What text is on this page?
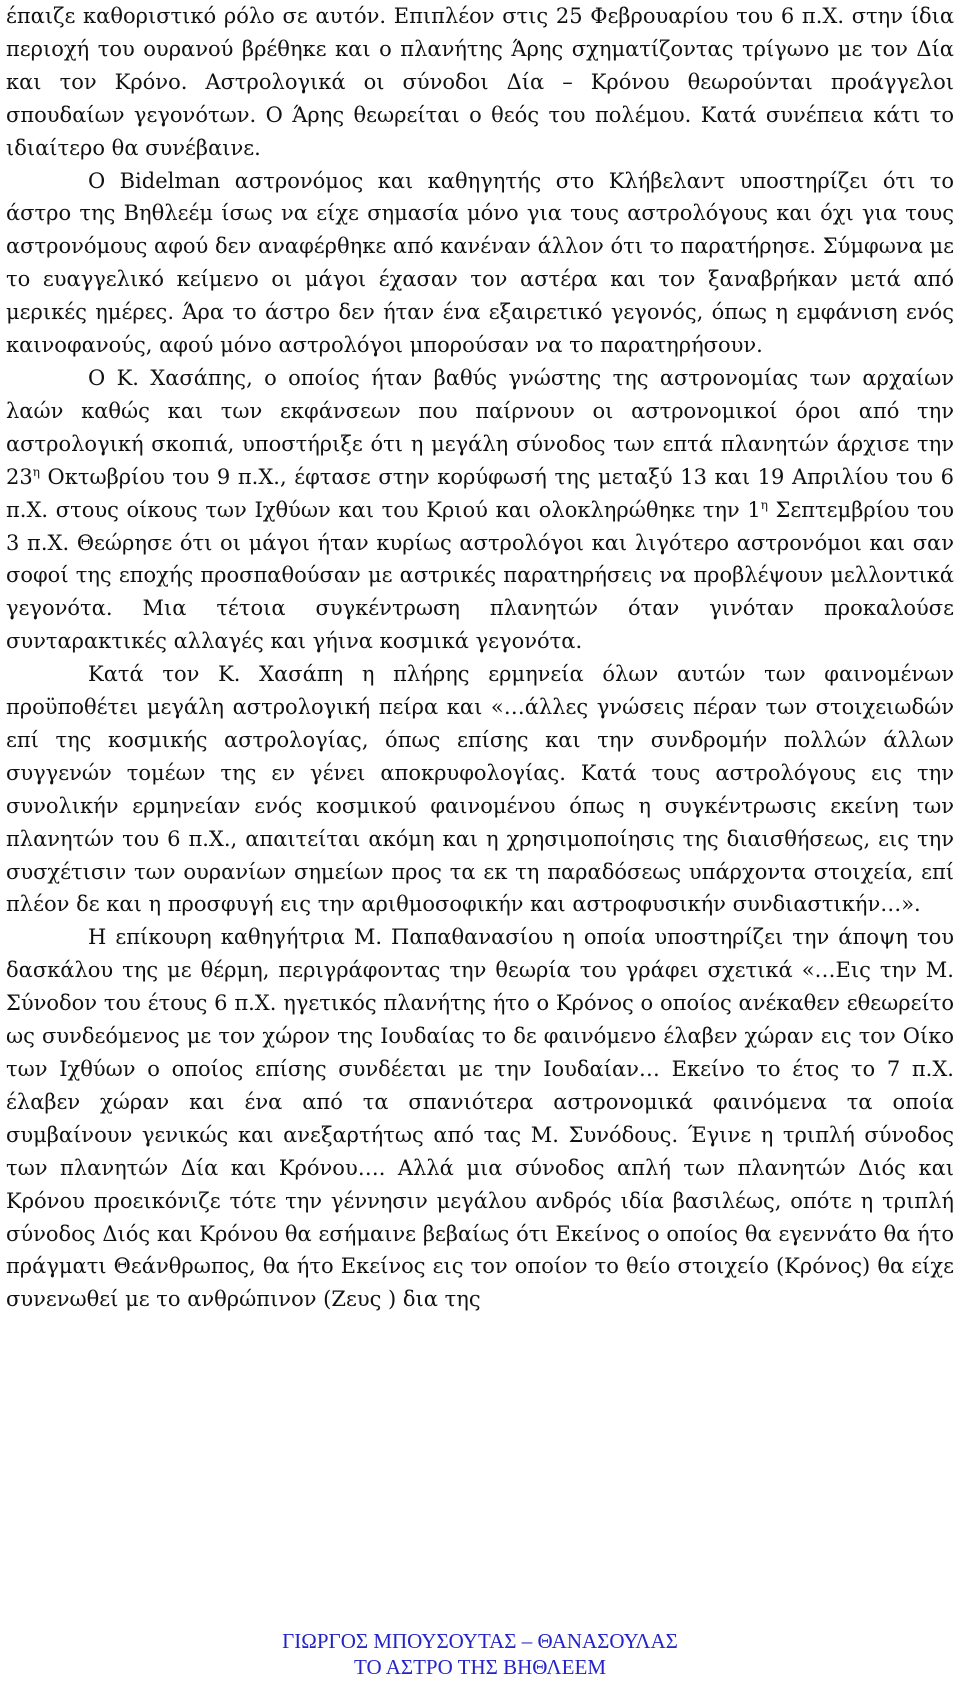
έπαιζε καθοριστικό ρόλο σε αυτόν. Επιπλέον στις 25 Φεβρουαρίου του 6 π.Χ. στην ίδια περιοχή του ουρανού βρέθηκε και ο πλανήτης Άρης σχηματίζοντας τρίγωνο με τον Δία και τον Κρόνο. Αστρολογικά οι σύνοδοι Δία – Κρόνου θεωρούνται προάγγελοι σπουδαίων γεγονότων. Ο Άρης θεωρείται ο θεός του πολέμου. Κατά συνέπεια κάτι το ιδιαίτερο θα συνέβαινε.

Ο Bidelman αστρονόμος και καθηγητής στο Κλήβελαντ υποστηρίζει ότι το άστρο της Βηθλεέμ ίσως να είχε σημασία μόνο για τους αστρολόγους και όχι για τους αστρονόμους αφού δεν αναφέρθηκε από κανέναν άλλον ότι το παρατήρησε. Σύμφωνα με το ευαγγελικό κείμενο οι μάγοι έχασαν τον αστέρα και τον ξαναβρήκαν μετά από μερικές ημέρες. Άρα το άστρο δεν ήταν ένα εξαιρετικό γεγονός, όπως η εμφάνιση ενός καινοφανούς, αφού μόνο αστρολόγοι μπορούσαν να το παρατηρήσουν.

Ο Κ. Χασάπης, ο οποίος ήταν βαθύς γνώστης της αστρονομίας των αρχαίων λαών καθώς και των εκφάνσεων που παίρνουν οι αστρονομικοί όροι από την αστρολογική σκοπιά, υποστήριξε ότι η μεγάλη σύνοδος των επτά πλανητών άρχισε την $23^\eta$ Οκτωβρίου του 9 π.Χ., έφτασε στην κορύφωσή της μεταξύ 13 και 19 Απριλίου του 6 π.Χ. στους οίκους των Ιχθύων και του Κριού και ολοκληρώθηκε την $1^\eta$ Σεπτεμβρίου του 3 π.Χ. Θεώρησε ότι οι μάγοι ήταν κυρίως αστρολόγοι και λιγότερο αστρονόμοι και σαν σοφοί της εποχής προσπαθούσαν με αστρικές παρατηρήσεις να προβλέψουν μελλοντικά γεγονότα. Μια τέτοια συγκέντρωση πλανητών όταν γινόταν προκαλούσε συνταρακτικές αλλαγές και γήινα κοσμικά γεγονότα.

Κατά τον Κ. Χασάπη η πλήρης ερμηνεία όλων αυτών των φαινομένων προϋποθέτει μεγάλη αστρολογική πείρα και «…άλλες γνώσεις πέραν των στοιχειωδών επί της κοσμικής αστρολογίας, όπως επίσης και την συνδρομήν πολλών άλλων συγγενών τομέων της εν γένει αποκρυφολογίας. Κατά τους αστρολόγους εις την συνολικήν ερμηνείαν ενός κοσμικού φαινομένου όπως η συγκέντρωσις εκείνη των πλανητών του 6 π.Χ., απαιτείται ακόμη και η χρησιμοποίησις της διαισθήσεως, εις την συσχέτισιν των ουρανίων σημείων προς τα εκ τη παραδόσεως υπάρχοντα στοιχεία, επί πλέον δε και η προσφυγή εις την αριθμοσοφικήν και αστροφυσικήν συνδιαστικήν…».

Η επίκουρη καθηγήτρια Μ. Παπαθανασίου η οποία υποστηρίζει την άποψη του δασκάλου της με θέρμη, περιγράφοντας την θεωρία του γράφει σχετικά «…Εις την Μ. Σύνοδον του έτους 6 π.Χ. ηγετικός πλανήτης ήτο ο Κρόνος ο οποίος ανέκαθεν εθεωρείτο ως συνδεόμενος με τον χώρον της Ιουδαίας το δε φαινόμενο έλαβεν χώραν εις τον Οίκο των Ιχθύων ο οποίος επίσης συνδέεται με την Ιουδαίαν… Εκείνο το έτος το 7 π.Χ. έλαβεν χώραν και ένα από τα σπανιότερα αστρονομικά φαινόμενα τα οποία συμβαίνουν γενικώς και ανεξαρτήτως από τας Μ. Συνόδους. Έγινε η τριπλή σύνοδος των πλανητών Δία και Κρόνου…. Αλλά μια σύνοδος απλή των πλανητών Διός και Κρόνου προεικόνιζε τότε την γέννησιν μεγάλου ανδρός ιδία βασιλέως, οπότε η τριπλή σύνοδος Διός και Κρόνου θα εσήμαινε βεβαίως ότι Εκείνος ο οποίος θα εγεννάτο θα ήτο πράγματι Θεάνθρωπος, θα ήτο Εκείνος εις τον οποίον το θείο στοιχείο (Κρόνος) θα είχε συνενωθεί με το ανθρώπινον (Ζευς ) δια της

ΓΙΩΡΓΟΣ ΜΠΟΥΣΟΥΤΑΣ – ΘΑΝΑΣΟΥΛΑΣ
ΤΟ ΑΣΤΡΟ ΤΗΣ ΒΗΘΛΕΕΜ
